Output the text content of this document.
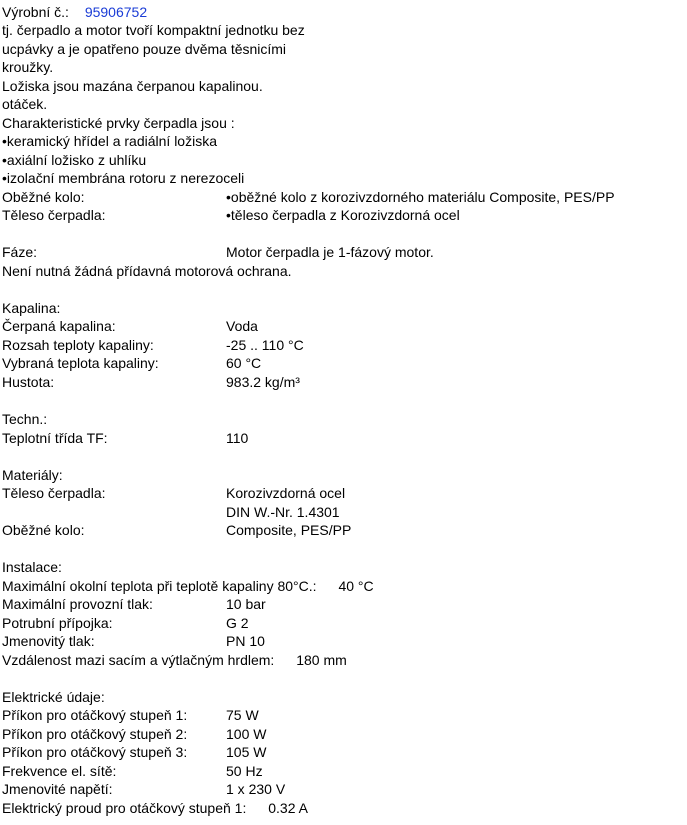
Výrobní č.: 95906752
tj. čerpadlo a motor tvoří kompaktní jednotku bez
ucpávky a je opatřeno pouze dvěma těsnicími
kroužky.
Ložiska jsou mazána čerpanou kapalinou.
otáček.
Charakteristické prvky čerpadla jsou :
•keramický hřídel a radiální ložiska
•axiální ložisko z uhlíku
•izolační membrána rotoru z nerezoceli
Oběžné kolo:	•oběžné kolo z korozivzdorného materiálu Composite, PES/PP
Těleso čerpadla:	•těleso čerpadla z Korozivzdorná ocel
Fáze:	Motor čerpadla je 1-fázový motor.
Není nutná žádná přídavná motorová ochrana.
Kapalina:
Čerpaná kapalina:	Voda
Rozsah teploty kapaliny:	-25 .. 110 °C
Vybraná teplota kapaliny:	60 °C
Hustota:	983.2 kg/m³
Techn.:
Teplotní třída TF:	110
Materiály:
Těleso čerpadla:	Korozivzdorná ocel
DIN W.-Nr. 1.4301
Oběžné kolo:	Composite, PES/PP
Instalace:
Maximální okolní teplota při teplotě kapaliny 80°C.: 40 °C
Maximální provozní tlak:	10 bar
Potrubní přípojka:	G 2
Jmenovitý tlak:	PN 10
Vzdálenost mazi sacím a výtlačným hrdlem: 180 mm
Elektrické údaje:
Příkon pro otáčkový stupeň 1:	75 W
Příkon pro otáčkový stupeň 2:	100 W
Příkon pro otáčkový stupeň 3:	105 W
Frekvence el. sítě:	50 Hz
Jmenovité napětí:	1 x 230 V
Elektrický proud pro otáčkový stupeň 1: 0.32 A
